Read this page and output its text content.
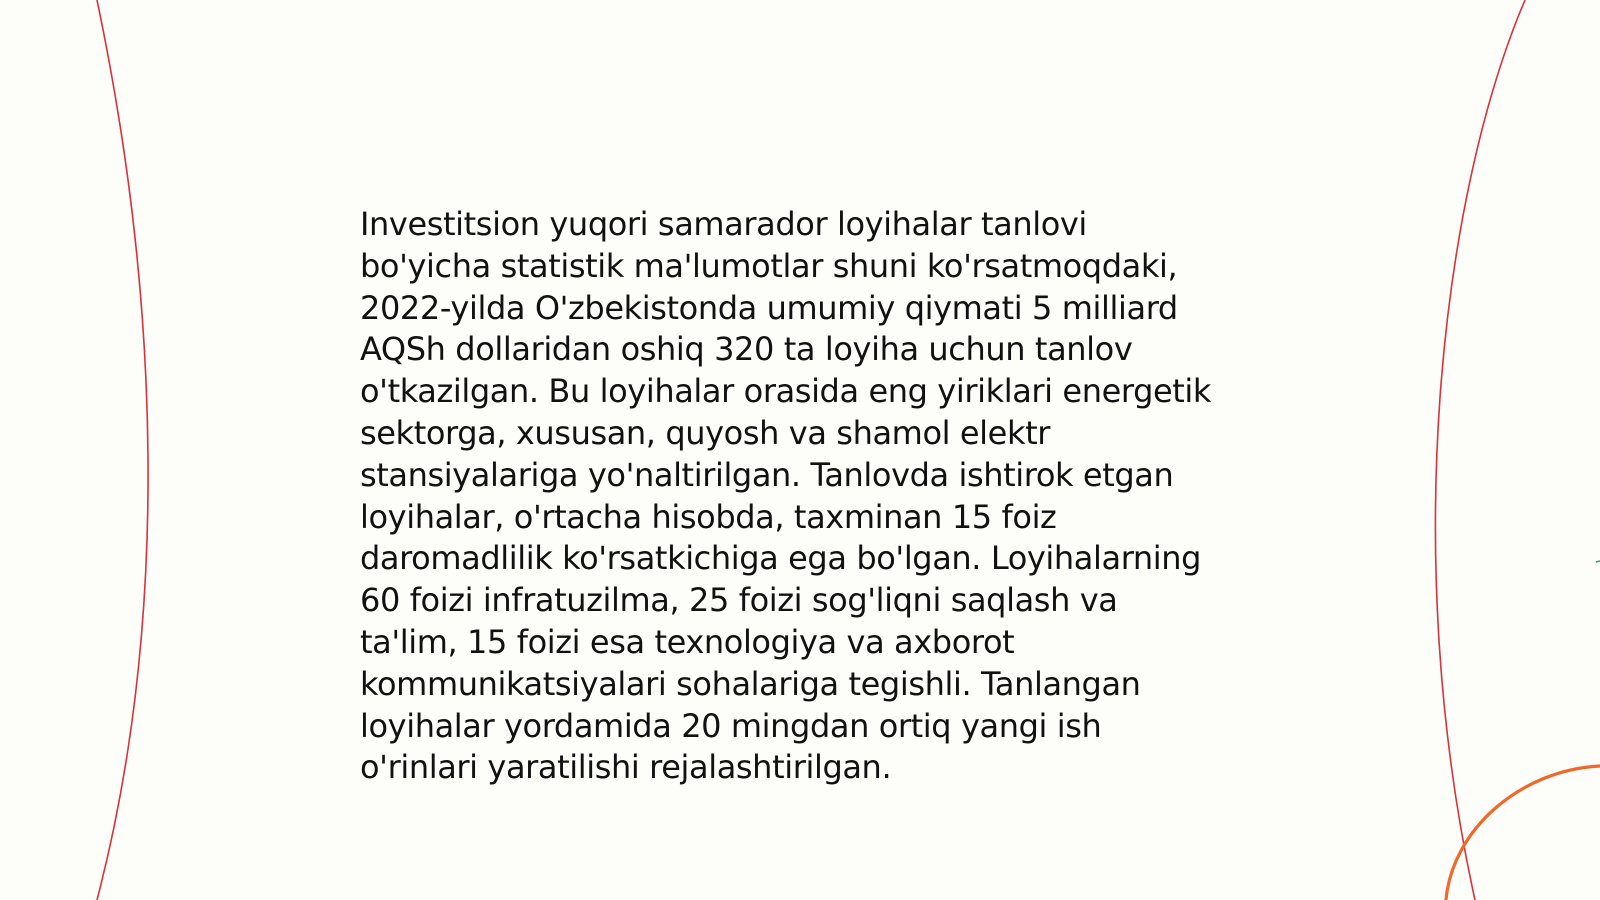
Investitsion yuqori samarador loyihalar tanlovi
bo'yicha statistik ma'lumotlar shuni ko'rsatmoqdaki,
2022-yilda O'zbekistonda umumiy qiymati 5 milliard
AQSh dollaridan oshiq 320 ta loyiha uchun tanlov
o'tkazilgan. Bu loyihalar orasida eng yiriklari energetik
sektorga, xususan, quyosh va shamol elektr
stansiyalariga yo'naltirilgan. Tanlovda ishtirok etgan
loyihalar, o'rtacha hisobda, taxminan 15 foiz
daromadlilik ko'rsatkichiga ega bo'lgan. Loyihalarning
60 foizi infratuzilma, 25 foizi sog'liqni saqlash va
ta'lim, 15 foizi esa texnologiya va axborot
kommunikatsiyalari sohalariga tegishli. Tanlangan
loyihalar yordamida 20 mingdan ortiq yangi ish
o'rinlari yaratilishi rejalashtirilgan.
